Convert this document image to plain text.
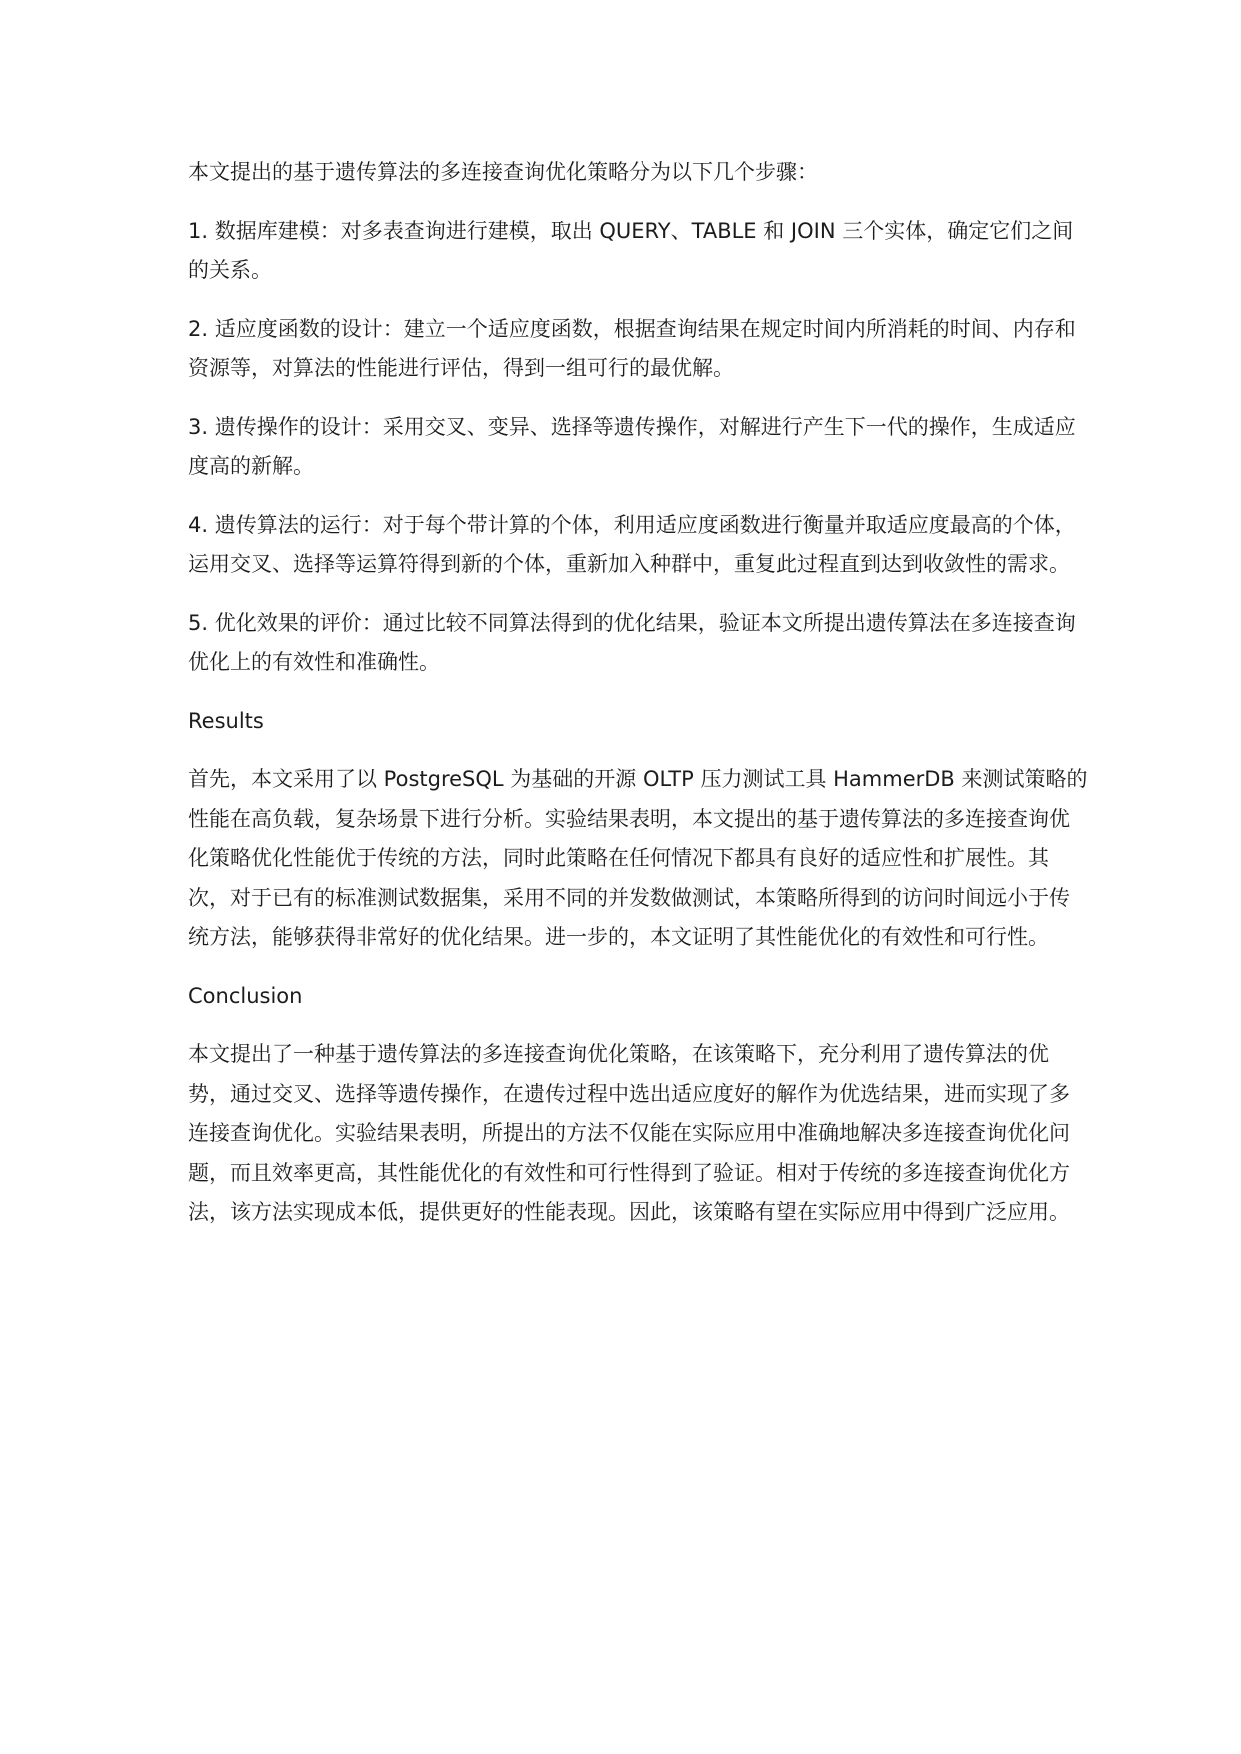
本文提出的基于遗传算法的多连接查询优化策略分为以下几个步骤：

1. 数据库建模：对多表查询进行建模，取出 QUERY、TABLE 和 JOIN 三个实体，确定它们之间的关系。

2. 适应度函数的设计：建立一个适应度函数，根据查询结果在规定时间内所消耗的时间、内存和资源等，对算法的性能进行评估，得到一组可行的最优解。

3. 遗传操作的设计：采用交叉、变异、选择等遗传操作，对解进行产生下一代的操作，生成适应度高的新解。

4. 遗传算法的运行：对于每个带计算的个体，利用适应度函数进行衡量并取适应度最高的个体，运用交叉、选择等运算符得到新的个体，重新加入种群中，重复此过程直到达到收敛性的需求。

5. 优化效果的评价：通过比较不同算法得到的优化结果，验证本文所提出遗传算法在多连接查询优化上的有效性和准确性。

Results

首先，本文采用了以 PostgreSQL 为基础的开源 OLTP 压力测试工具 HammerDB 来测试策略的性能在高负载，复杂场景下进行分析。实验结果表明，本文提出的基于遗传算法的多连接查询优化策略优化性能优于传统的方法，同时此策略在任何情况下都具有良好的适应性和扩展性。其次，对于已有的标准测试数据集，采用不同的并发数做测试，本策略所得到的访问时间远小于传统方法，能够获得非常好的优化结果。进一步的，本文证明了其性能优化的有效性和可行性。

Conclusion

本文提出了一种基于遗传算法的多连接查询优化策略，在该策略下，充分利用了遗传算法的优势，通过交叉、选择等遗传操作，在遗传过程中选出适应度好的解作为优选结果，进而实现了多连接查询优化。实验结果表明，所提出的方法不仅能在实际应用中准确地解决多连接查询优化问题，而且效率更高，其性能优化的有效性和可行性得到了验证。相对于传统的多连接查询优化方法，该方法实现成本低，提供更好的性能表现。因此，该策略有望在实际应用中得到广泛应用。
